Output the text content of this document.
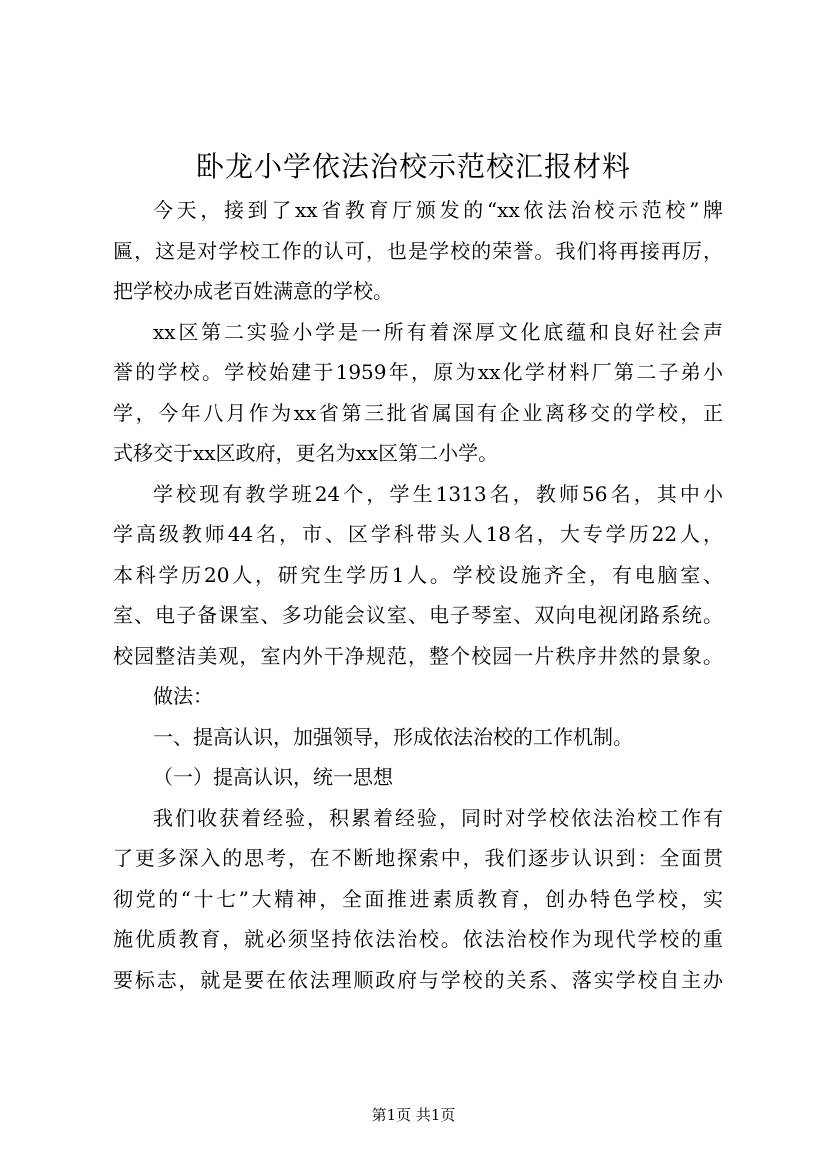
卧龙小学依法治校示范校汇报材料
今天，接到了xx省教育厅颁发的“xx依法治校示范校”牌
匾，这是对学校工作的认可，也是学校的荣誉。我们将再接再厉，
把学校办成老百姓满意的学校。
xx区第二实验小学是一所有着深厚文化底蕴和良好社会声
誉的学校。学校始建于1959年，原为xx化学材料厂第二子弟小
学，今年八月作为xx省第三批省属国有企业离移交的学校，正
式移交于xx区政府，更名为xx区第二小学。
学校现有教学班24个，学生1313名，教师56名，其中小
学高级教师44名，市、区学科带头人18名，大专学历22人，
本科学历20人，研究生学历1人。学校设施齐全，有电脑室、
室、电子备课室、多功能会议室、电子琴室、双向电视闭路系统。
校园整洁美观，室内外干净规范，整个校园一片秩序井然的景象。
做法：
一、提高认识，加强领导，形成依法治校的工作机制。
（一）提高认识，统一思想
我们收获着经验，积累着经验，同时对学校依法治校工作有
了更多深入的思考，在不断地探索中，我们逐步认识到：全面贯
彻党的“十七”大精神，全面推进素质教育，创办特色学校，实
施优质教育，就必须坚持依法治校。依法治校作为现代学校的重
要标志，就是要在依法理顺政府与学校的关系、落实学校自主办
第1页 共1页
